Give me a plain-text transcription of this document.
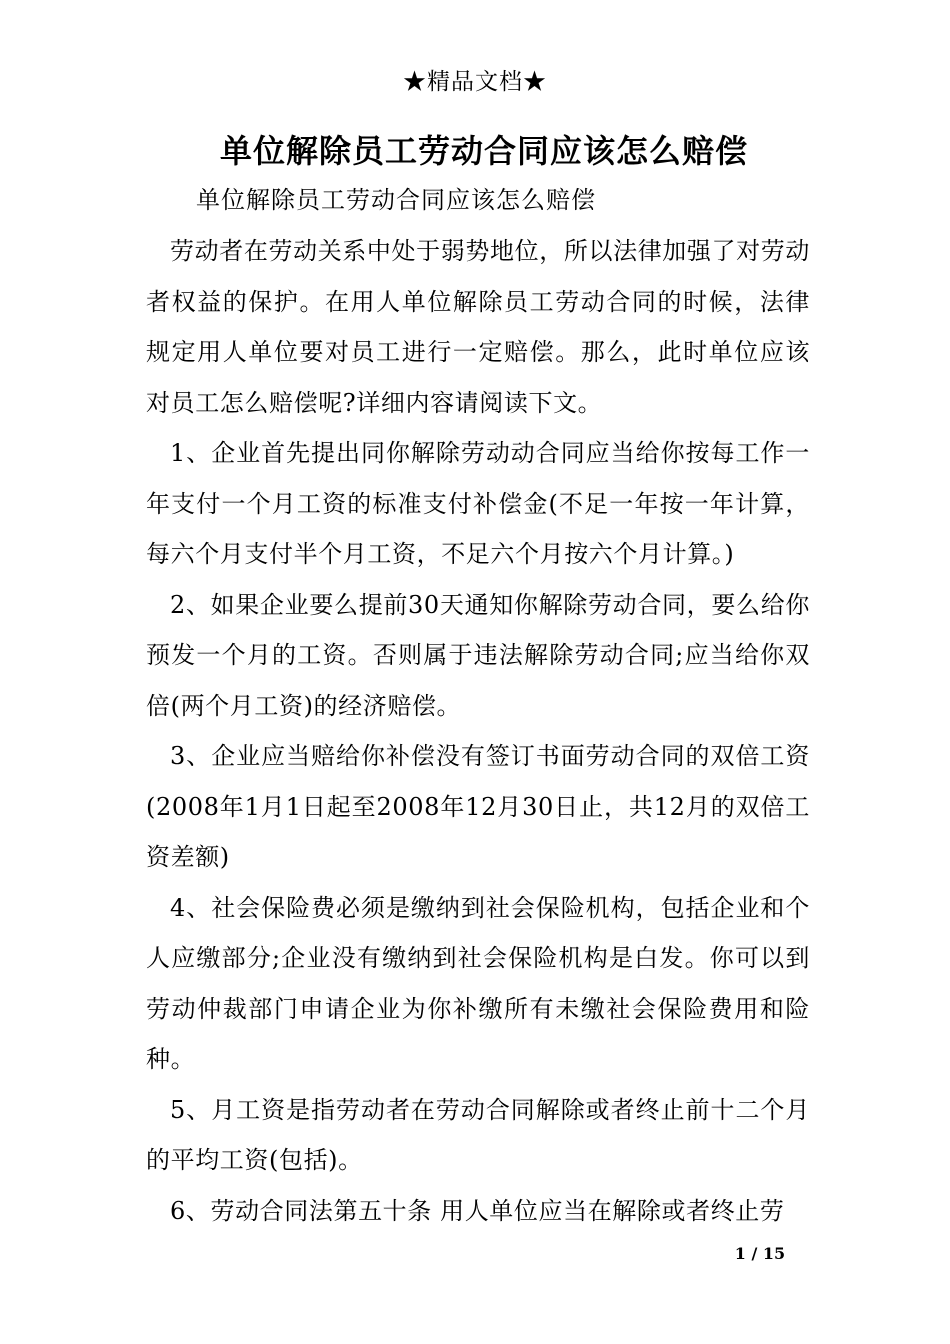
★精品文档★
单位解除员工劳动合同应该怎么赔偿
单位解除员工劳动合同应该怎么赔偿

劳动者在劳动关系中处于弱势地位，所以法律加强了对劳动者权益的保护。在用人单位解除员工劳动合同的时候，法律规定用人单位要对员工进行一定赔偿。那么，此时单位应该对员工怎么赔偿呢?详细内容请阅读下文。

1、企业首先提出同你解除劳动动合同应当给你按每工作一年支付一个月工资的标准支付补偿金(不足一年按一年计算，每六个月支付半个月工资，不足六个月按六个月计算。)

2、如果企业要么提前30天通知你解除劳动合同，要么给你预发一个月的工资。否则属于违法解除劳动合同;应当给你双倍(两个月工资)的经济赔偿。

3、企业应当赔给你补偿没有签订书面劳动合同的双倍工资(2008年1月1日起至2008年12月30日止，共12月的双倍工资差额)

4、社会保险费必须是缴纳到社会保险机构，包括企业和个人应缴部分;企业没有缴纳到社会保险机构是白发。你可以到劳动仲裁部门申请企业为你补缴所有未缴社会保险费用和险种。

5、月工资是指劳动者在劳动合同解除或者终止前十二个月的平均工资(包括)。

6、劳动合同法第五十条 用人单位应当在解除或者终止劳

1 / 15
